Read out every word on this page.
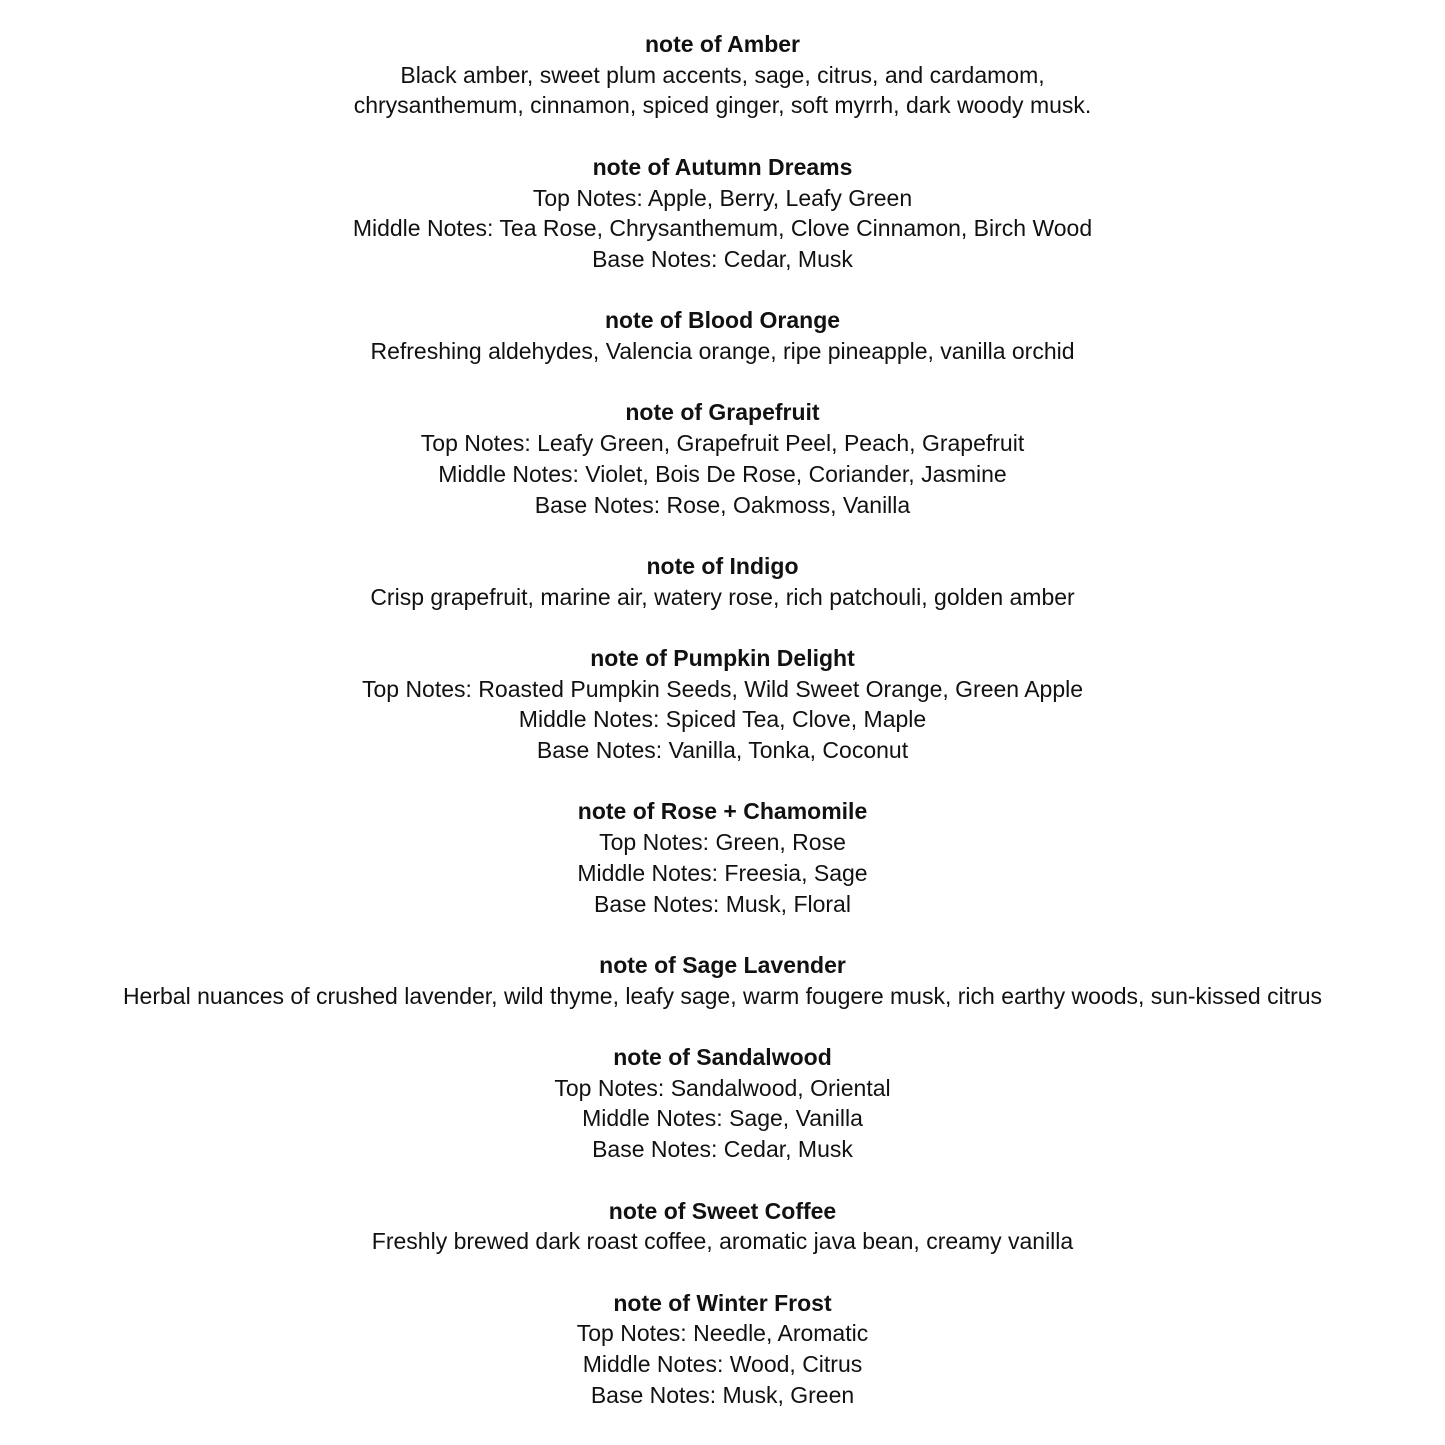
note of Amber

Black amber, sweet plum accents, sage, citrus, and cardamom,

chrysanthemum, cinnamon, spiced ginger, soft myrrh, dark woody musk.

note of Autumn Dreams

Top Notes: Apple, Berry, Leafy Green

Middle Notes: Tea Rose, Chrysanthemum, Clove Cinnamon, Birch Wood

Base Notes: Cedar, Musk

note of Blood Orange

Refreshing aldehydes, Valencia orange, ripe pineapple, vanilla orchid

note of Grapefruit

Top Notes: Leafy Green, Grapefruit Peel, Peach, Grapefruit

Middle Notes: Violet, Bois De Rose, Coriander, Jasmine

Base Notes: Rose, Oakmoss, Vanilla

note of Indigo

Crisp grapefruit, marine air, watery rose, rich patchouli, golden amber

note of Pumpkin Delight

Top Notes: Roasted Pumpkin Seeds, Wild Sweet Orange, Green Apple

Middle Notes: Spiced Tea, Clove, Maple

Base Notes: Vanilla, Tonka, Coconut

note of Rose + Chamomile

Top Notes: Green, Rose

Middle Notes: Freesia, Sage

Base Notes: Musk, Floral

note of Sage Lavender

Herbal nuances of crushed lavender, wild thyme, leafy sage, warm fougere musk, rich earthy woods, sun-kissed citrus

note of Sandalwood

Top Notes: Sandalwood, Oriental

Middle Notes: Sage, Vanilla

Base Notes: Cedar, Musk

note of Sweet Coffee

Freshly brewed dark roast coffee, aromatic java bean, creamy vanilla

note of Winter Frost

Top Notes: Needle, Aromatic

Middle Notes: Wood, Citrus

Base Notes: Musk, Green
